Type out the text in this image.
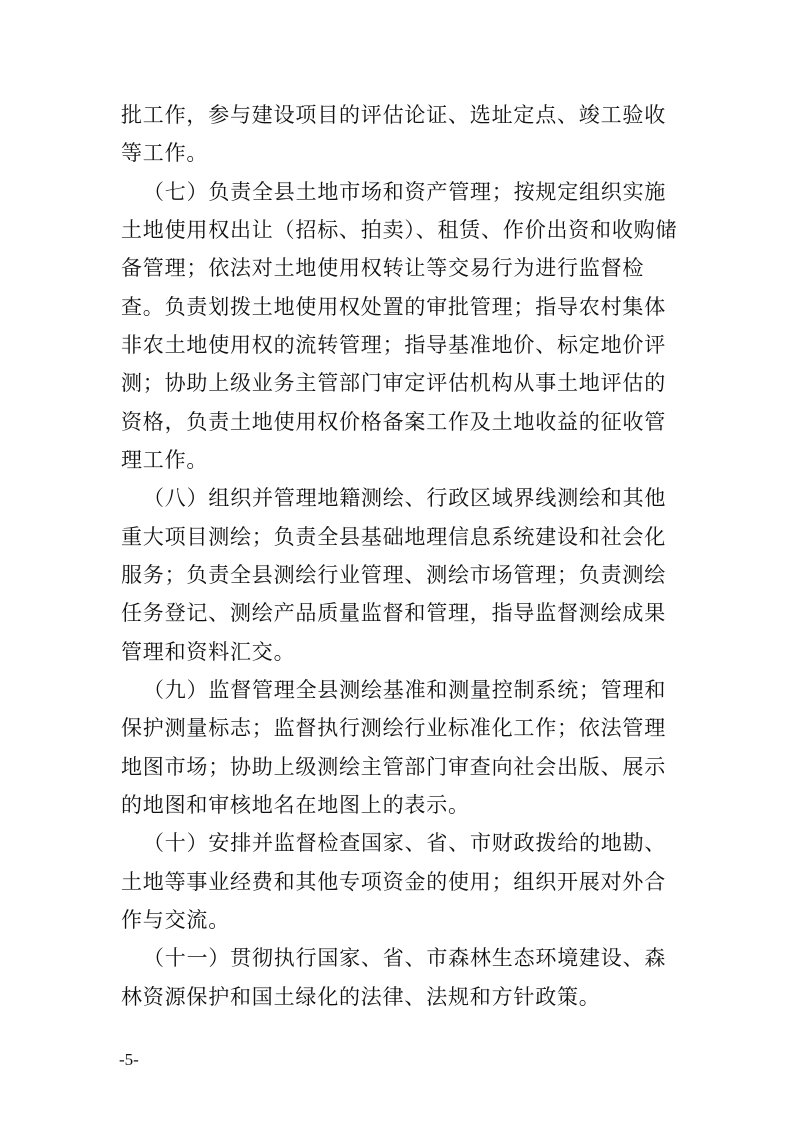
批工作，参与建设项目的评估论证、选址定点、竣工验收
等工作。
（七）负责全县土地市场和资产管理；按规定组织实施
土地使用权出让（招标、拍卖）、租赁、作价出资和收购储
备管理；依法对土地使用权转让等交易行为进行监督检
查。负责划拨土地使用权处置的审批管理；指导农村集体
非农土地使用权的流转管理；指导基准地价、标定地价评
测；协助上级业务主管部门审定评估机构从事土地评估的
资格，负责土地使用权价格备案工作及土地收益的征收管
理工作。
（八）组织并管理地籍测绘、行政区域界线测绘和其他
重大项目测绘；负责全县基础地理信息系统建设和社会化
服务；负责全县测绘行业管理、测绘市场管理；负责测绘
任务登记、测绘产品质量监督和管理，指导监督测绘成果
管理和资料汇交。
（九）监督管理全县测绘基准和测量控制系统；管理和
保护测量标志；监督执行测绘行业标准化工作；依法管理
地图市场；协助上级测绘主管部门审查向社会出版、展示
的地图和审核地名在地图上的表示。
（十）安排并监督检查国家、省、市财政拨给的地勘、
土地等事业经费和其他专项资金的使用；组织开展对外合
作与交流。
（十一）贯彻执行国家、省、市森林生态环境建设、森
林资源保护和国土绿化的法律、法规和方针政策。
-5-
